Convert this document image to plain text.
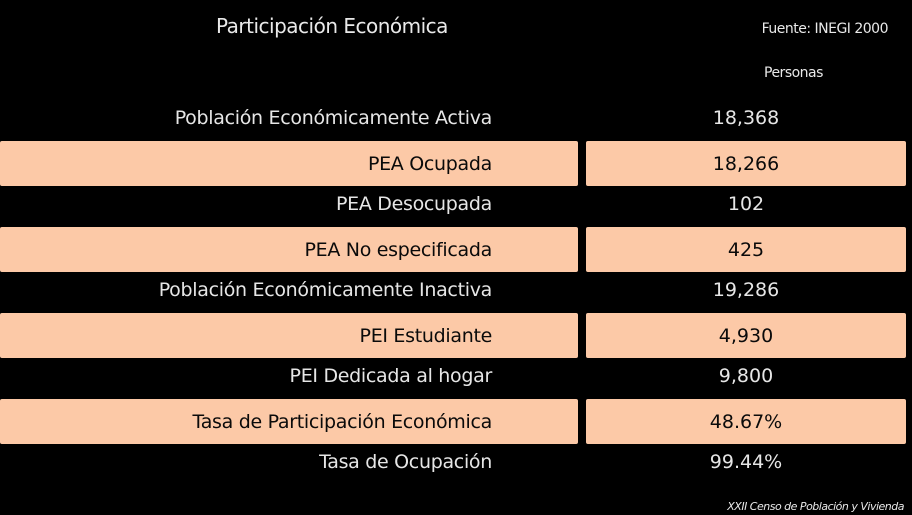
Participación Económica	Fuente: INEGI 2000
Personas
Población Económicamente Activa	18,368
PEA Ocupada	18,266
PEA Desocupada	102
PEA No especificada	425
Población Económicamente Inactiva	19,286
PEI Estudiante	4,930
PEI Dedicada al hogar	9,800
Tasa de Participación Económica	48.67%
Tasa de Ocupación	99.44%
XXII Censo de Población y Vivienda
